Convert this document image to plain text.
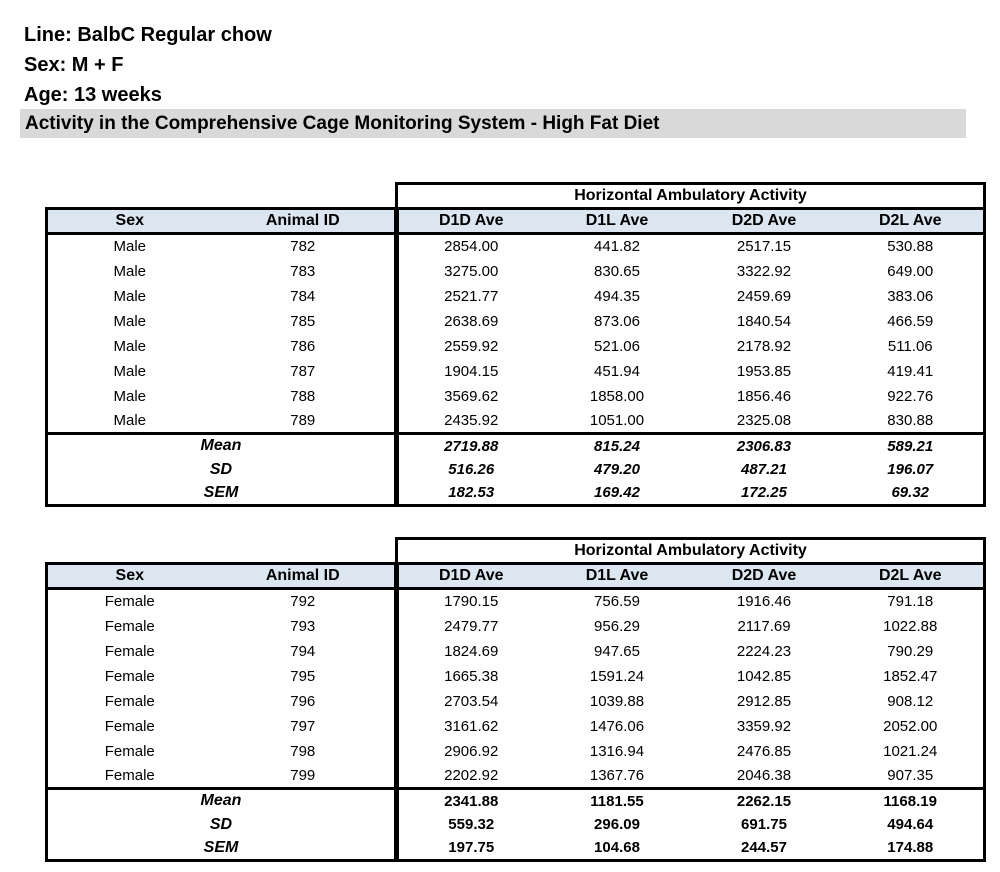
Line: BalbC Regular chow
Sex: M + F
Age: 13 weeks
Activity in the Comprehensive Cage Monitoring System - High Fat Diet
		Horizontal Ambulatory Activity			
Sex	Animal ID	D1D Ave	D1L Ave	D2D Ave	D2L Ave
Male	782	2854.00	441.82	2517.15	530.88
Male	783	3275.00	830.65	3322.92	649.00
Male	784	2521.77	494.35	2459.69	383.06
Male	785	2638.69	873.06	1840.54	466.59
Male	786	2559.92	521.06	2178.92	511.06
Male	787	1904.15	451.94	1953.85	419.41
Male	788	3569.62	1858.00	1856.46	922.76
Male	789	2435.92	1051.00	2325.08	830.88
Mean		2719.88	815.24	2306.83	589.21
SD		516.26	479.20	487.21	196.07
SEM		182.53	169.42	172.25	69.32
		Horizontal Ambulatory Activity			
Sex	Animal ID	D1D Ave	D1L Ave	D2D Ave	D2L Ave
Female	792	1790.15	756.59	1916.46	791.18
Female	793	2479.77	956.29	2117.69	1022.88
Female	794	1824.69	947.65	2224.23	790.29
Female	795	1665.38	1591.24	1042.85	1852.47
Female	796	2703.54	1039.88	2912.85	908.12
Female	797	3161.62	1476.06	3359.92	2052.00
Female	798	2906.92	1316.94	2476.85	1021.24
Female	799	2202.92	1367.76	2046.38	907.35
Mean		2341.88	1181.55	2262.15	1168.19
SD		559.32	296.09	691.75	494.64
SEM		197.75	104.68	244.57	174.88
